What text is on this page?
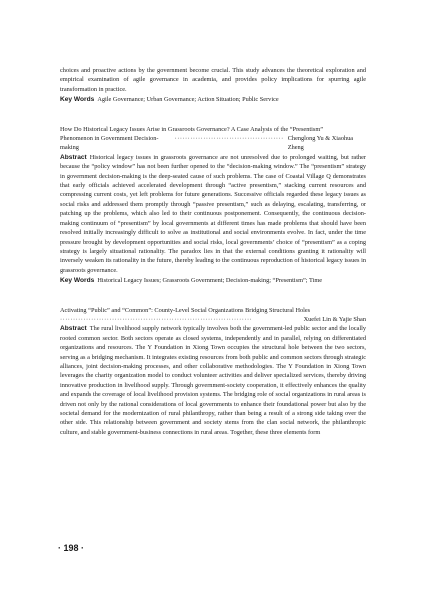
choices and proactive actions by the government become crucial. This study advances the theoretical exploration and empirical examination of agile governance in academia, and provides policy implications for spurring agile transformation in practice.

Key Words Agile Governance; Urban Governance; Action Situation; Public Service

How Do Historical Legacy Issues Arise in Grassroots Governance? A Case Analysis of the “Presentism”

Phenomenon in Government Decision-making
·········································· Chenglong Yu & Xiaohua Zheng

Abstract Historical legacy issues in grassroots governance are not unresolved due to prolonged waiting, but rather because the “policy window” has not been further opened to the “decision-making window.” The “presentism” strategy in government decision-making is the deep-seated cause of such problems. The case of Coastal Village Q demonstrates that early officials achieved accelerated development through “active presentism,” stacking current resources and compressing current costs, yet left problems for future generations. Successive officials regarded these legacy issues as social risks and addressed them promptly through “passive presentism,” such as delaying, escalating, transferring, or patching up the problems, which also led to their continuous postponement. Consequently, the continuous decision-making continuum of “presentism” by local governments at different times has made problems that should have been resolved initially increasingly difficult to solve as institutional and social environments evolve. In fact, under the time pressure brought by development opportunities and social risks, local governments’ choice of “presentism” as a coping strategy is largely situational rationality. The paradox lies in that the external conditions granting it rationality will inversely weaken its rationality in the future, thereby leading to the continuous reproduction of historical legacy issues in grassroots governance.

Key Words Historical Legacy Issues; Grassroots Government; Decision-making; “Presentism”; Time

Activating “Public” and “Common”: County-Level Social Organizations Bridging Structural Holes

··········································································	Xuefei Lin & Yajie Shan

Abstract The rural livelihood supply network typically involves both the government-led public sector and the locally rooted common sector. Both sectors operate as closed systems, independently and in parallel, relying on differentiated organizations and resources. The Y Foundation in Xiong Town occupies the structural hole between the two sectors, serving as a bridging mechanism. It integrates existing resources from both public and common sectors through strategic alliances, joint decision-making processes, and other collaborative methodologies. The Y Foundation in Xiong Town leverages the charity organization model to conduct volunteer activities and deliver specialized services, thereby driving innovative production in livelihood supply. Through government-society cooperation, it effectively enhances the quality and expands the coverage of local livelihood provision systems. The bridging role of social organizations in rural areas is driven not only by the rational considerations of local governments to enhance their foundational power but also by the societal demand for the modernization of rural philanthropy, rather than being a result of a strong side taking over the other side. This relationship between government and society stems from the clan social network, the philanthropic culture, and stable government-business connections in rural areas. Together, these three elements form

· 198 ·
